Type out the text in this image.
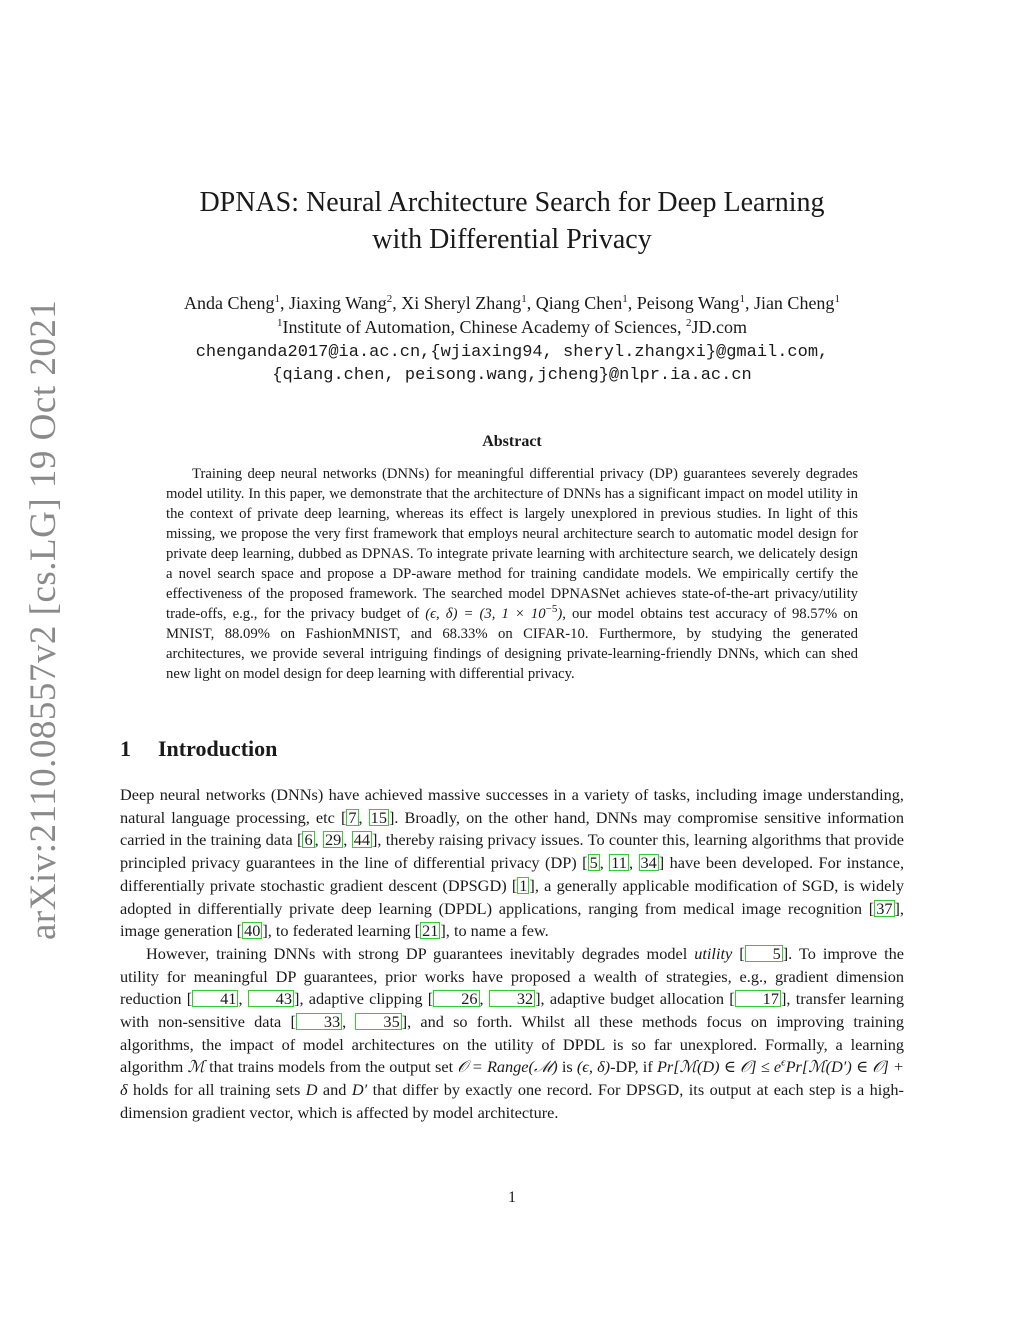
arXiv:2110.08557v2 [cs.LG] 19 Oct 2021
DPNAS: Neural Architecture Search for Deep Learning
with Differential Privacy
Anda Cheng$^1$, Jiaxing Wang$^2$, Xi Sheryl Zhang$^1$, Qiang Chen$^1$, Peisong Wang$^1$, Jian Cheng$^1$
$^1$Institute of Automation, Chinese Academy of Sciences, $^2$JD.com
chenganda2017@ia.ac.cn,{wjiaxing94, sheryl.zhangxi}@gmail.com,
{qiang.chen, peisong.wang,jcheng}@nlpr.ia.ac.cn
Abstract

Training deep neural networks (DNNs) for meaningful differential privacy (DP) guarantees severely degrades model utility. In this paper, we demonstrate that the architecture of DNNs has a significant impact on model utility in the context of private deep learning, whereas its effect is largely unexplored in previous studies. In light of this missing, we propose the very first framework that employs neural architecture search to automatic model design for private deep learning, dubbed as DPNAS. To integrate private learning with architecture search, we delicately design a novel search space and propose a DP-aware method for training candidate models. We empirically certify the effectiveness of the proposed framework. The searched model DPNASNet achieves state-of-the-art privacy/utility trade-offs, e.g., for the privacy budget of (ϵ, δ) = (3, $1 \times 10^{-5}$), our model obtains test accuracy of 98.57% on MNIST, 88.09% on FashionMNIST, and 68.33% on CIFAR-10. Furthermore, by studying the generated architectures, we provide several intriguing findings of designing private-learning-friendly DNNs, which can shed new light on model design for deep learning with differential privacy.

1 Introduction

Deep neural networks (DNNs) have achieved massive successes in a variety of tasks, including image understanding, natural language processing, etc [ 7 , 15 ]. Broadly, on the other hand, DNNs may compromise sensitive information carried in the training data [ 6 , 29 , 44 ], thereby raising privacy issues. To counter this, learning algorithms that provide principled privacy guarantees in the line of differential privacy (DP) [ 5 , 11 , 34 ] have been developed. For instance, differentially private stochastic gradient descent (DPSGD) [ 1 ], a generally applicable modification of SGD, is widely adopted in differentially private deep learning (DPDL) applications, ranging from medical image recognition [ 37 ], image generation [ 40 ], to federated learning [ 21 ], to name a few.

However, training DNNs with strong DP guarantees inevitably degrades model utility [ 5 ]. To improve the utility for meaningful DP guarantees, prior works have proposed a wealth of strategies, e.g., gradient dimension reduction [ 41 , 43 ], adaptive clipping [ 26 , 32 ], adaptive budget allocation [ 17 ], transfer learning with non-sensitive data [ 33 , 35 ], and so forth. Whilst all these methods focus on improving training algorithms, the impact of model architectures on the utility of DPDL is so far unexplored. Formally, a learning algorithm ℳ that trains models from the output set 𝒪 = Range(ℳ) is (ϵ, δ)-DP, if Pr[ℳ(D) ∈ 𝒪] ≤ $e^\epsilon Pr[ℳ(D')$ ∈ 𝒪] + δ holds for all training sets D and D′ that differ by exactly one record. For DPSGD, its output at each step is a high-dimension gradient vector, which is affected by model architecture.

1
